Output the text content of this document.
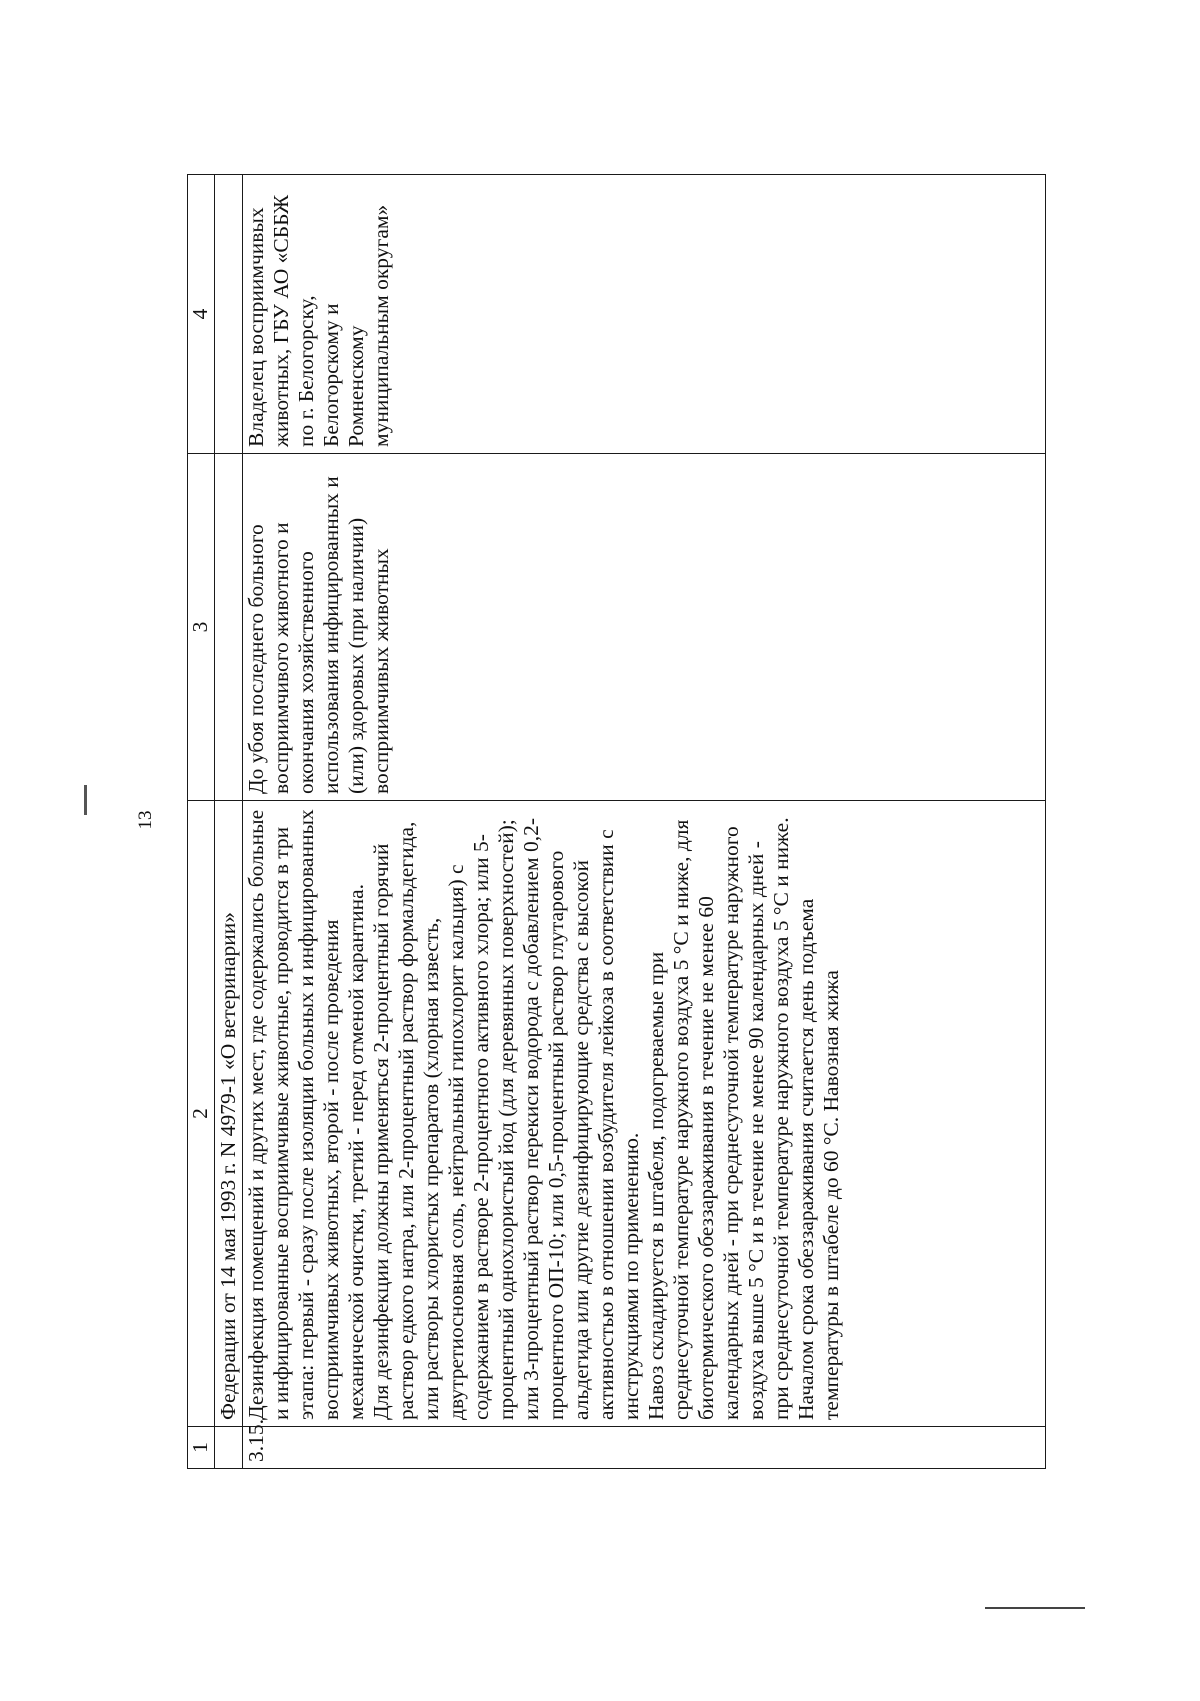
13
1	2	3	4
	Федерации от 14 мая 1993 г. N 4979-1 «О ветеринарии»		
3.15.	Дезинфекция помещений и других мест, где содержались больные и инфицированные восприимчивые животные, проводится в три этапа: первый - сразу после изоляции больных и инфицированных восприимчивых животных, второй - после проведения механической очистки, третий - перед отменой карантина. Для дезинфекции должны применяться 2-процентный горячий раствор едкого натра, или 2-процентный раствор формальдегида, или растворы хлористых препаратов (хлорная известь, двутретиосновная соль, нейтральный гипохлорит кальция) с содержанием в растворе 2-процентного активного хлора; или 5-процентный однохлористый йод (для деревянных поверхностей); или 3-процентный раствор перекиси водорода с добавлением 0,2-процентного ОП-10; или 0,5-процентный раствор глутарового альдегида или другие дезинфицирующие средства с высокой активностью в отношении возбудителя лейкоза в соответствии с инструкциями по применению. Навоз складируется в штабеля, подогреваемые при среднесуточной температуре наружного воздуха 5 °С и ниже, для биотермического обеззараживания в течение не менее 60 календарных дней - при среднесуточной температуре наружного воздуха выше 5 °С и в течение не менее 90 календарных дней - при среднесуточной температуре наружного воздуха 5 °С и ниже. Началом срока обеззараживания считается день подъема температуры в штабеле до 60 °С. Навозная жижа	До убоя последнего больного восприимчивого животного и окончания хозяйственного использования инфицированных и (или) здоровых (при наличии) восприимчивых животных	Владелец восприимчивых животных, ГБУ АО «СББЖ по г. Белогорску, Белогорскому и Ромненскому муниципальным округам»
